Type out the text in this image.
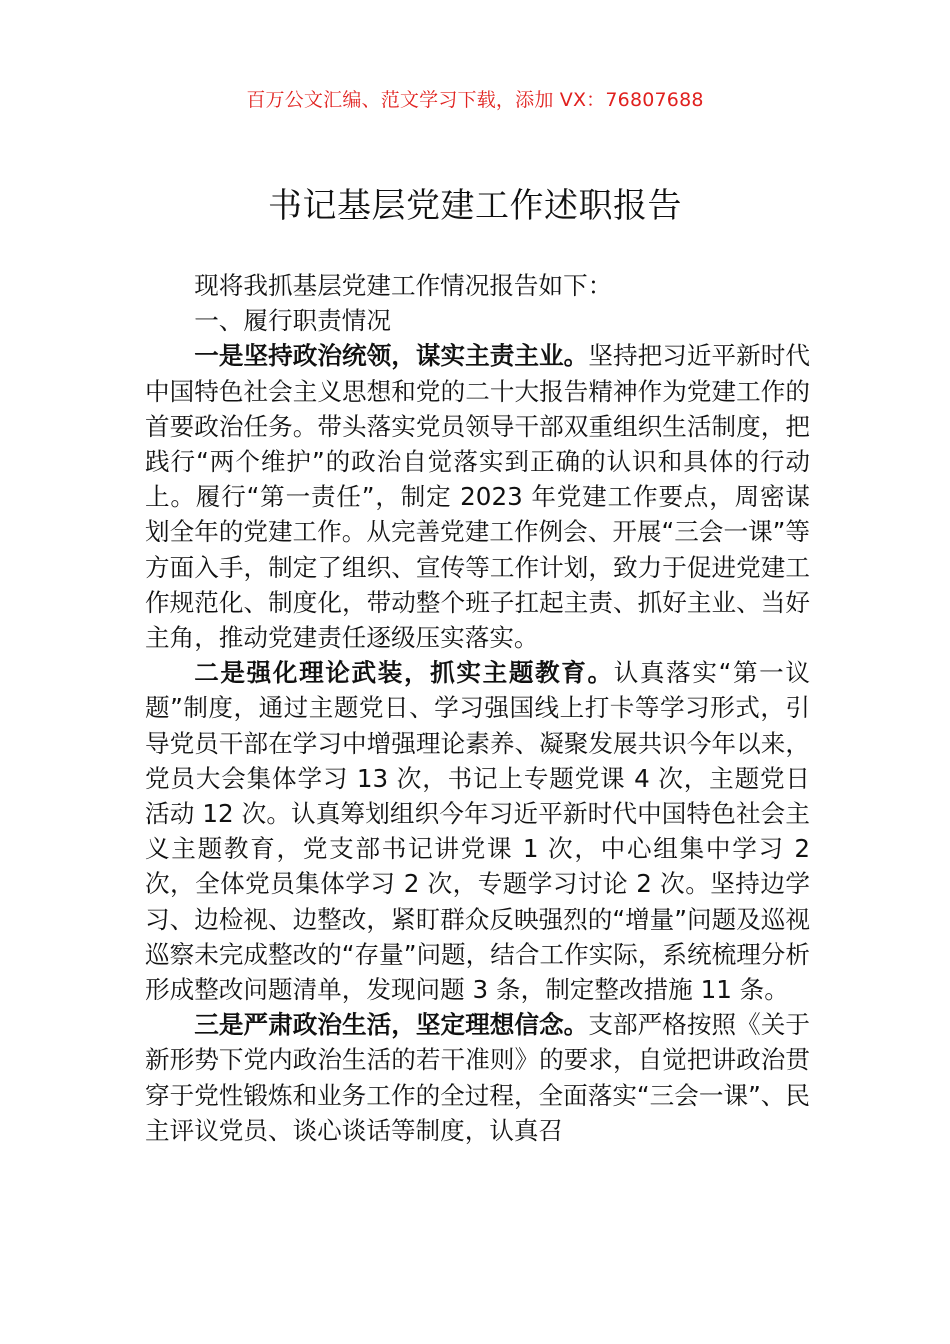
百万公文汇编、范文学习下载，添加 VX：76807688
书记基层党建工作述职报告

现将我抓基层党建工作情况报告如下：

一、履行职责情况

一是坚持政治统领，谋实主责主业。坚持把习近平新时代中国特色社会主义思想和党的二十大报告精神作为党建工作的首要政治任务。带头落实党员领导干部双重组织生活制度，把践行“两个维护”的政治自觉落实到正确的认识和具体的行动上。履行“第一责任”，制定 2023 年党建工作要点，周密谋划全年的党建工作。从完善党建工作例会、开展“三会一课”等方面入手，制定了组织、宣传等工作计划，致力于促进党建工作规范化、制度化，带动整个班子扛起主责、抓好主业、当好主角，推动党建责任逐级压实落实。

二是强化理论武装，抓实主题教育。认真落实“第一议题”制度，通过主题党日、学习强国线上打卡等学习形式，引导党员干部在学习中增强理论素养、凝聚发展共识今年以来，党员大会集体学习 13 次，书记上专题党课 4 次，主题党日活动 12 次。认真筹划组织今年习近平新时代中国特色社会主义主题教育，党支部书记讲党课 1 次，中心组集中学习 2 次，全体党员集体学习 2 次，专题学习讨论 2 次。坚持边学习、边检视、边整改，紧盯群众反映强烈的“增量”问题及巡视巡察未完成整改的“存量”问题，结合工作实际，系统梳理分析形成整改问题清单，发现问题 3 条，制定整改措施 11 条。

三是严肃政治生活，坚定理想信念。支部严格按照《关于新形势下党内政治生活的若干准则》的要求，自觉把讲政治贯穿于党性锻炼和业务工作的全过程，全面落实“三会一课”、民主评议党员、谈心谈话等制度，认真召
